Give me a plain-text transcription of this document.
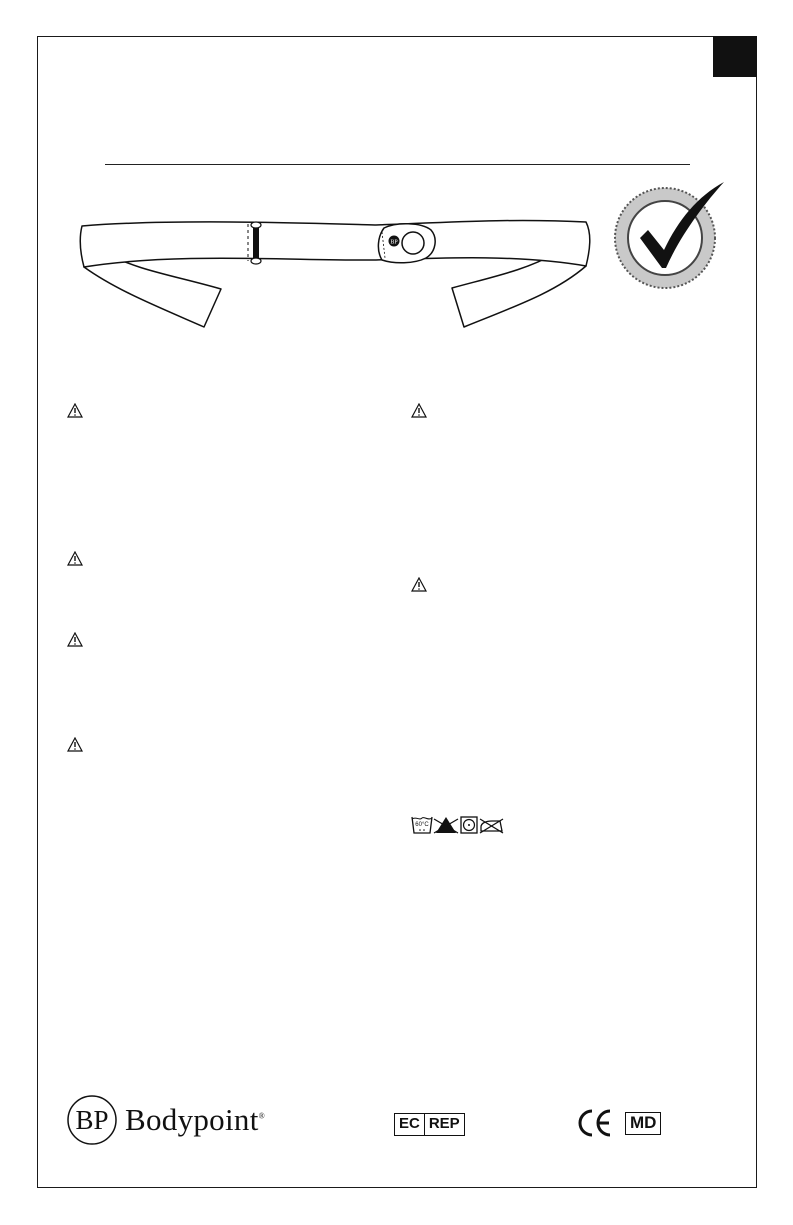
BP
60°C
BP Bodypoint®	EC REP	MD
